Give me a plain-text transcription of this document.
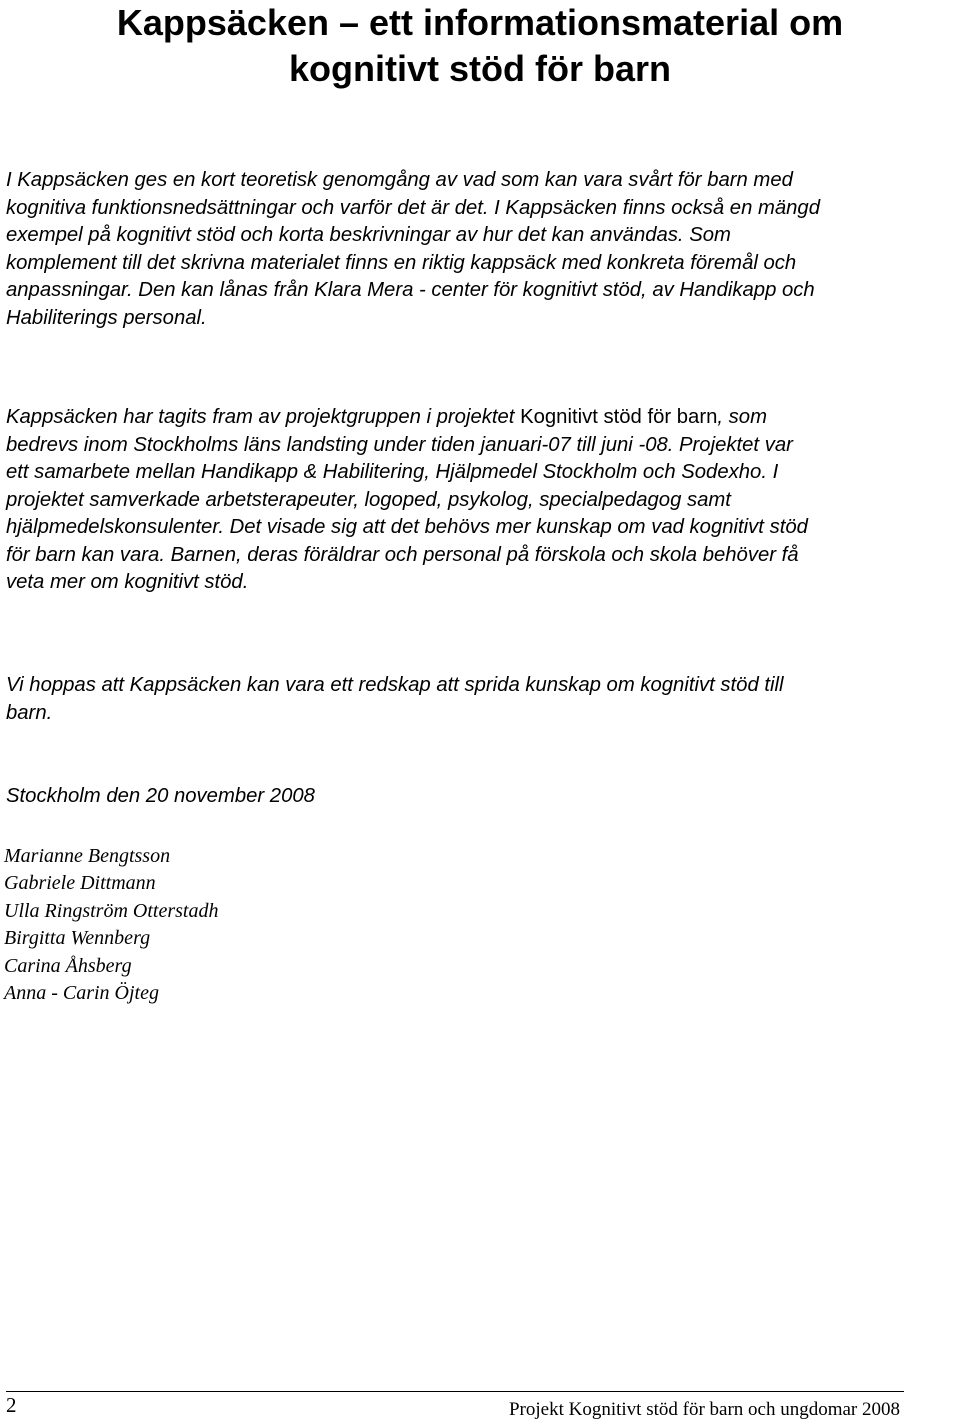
Kappsäcken – ett informationsmaterial om
kognitivt stöd för barn

I Kappsäcken ges en kort teoretisk genomgång av vad som kan vara svårt för barn med
kognitiva funktionsnedsättningar och varför det är det. I Kappsäcken finns också en mängd
exempel på kognitivt stöd och korta beskrivningar av hur det kan användas. Som
komplement till det skrivna materialet finns en riktig kappsäck med konkreta föremål och
anpassningar. Den kan lånas från Klara Mera - center för kognitivt stöd, av Handikapp och
Habiliterings personal.

Kappsäcken har tagits fram av projektgruppen i projektet Kognitivt stöd för barn, som
bedrevs inom Stockholms läns landsting under tiden januari-07 till juni -08. Projektet var
ett samarbete mellan Handikapp & Habilitering, Hjälpmedel Stockholm och Sodexho. I
projektet samverkade arbetsterapeuter, logoped, psykolog, specialpedagog samt
hjälpmedelskonsulenter. Det visade sig att det behövs mer kunskap om vad kognitivt stöd
för barn kan vara. Barnen, deras föräldrar och personal på förskola och skola behöver få
veta mer om kognitivt stöd.

Vi hoppas att Kappsäcken kan vara ett redskap att sprida kunskap om kognitivt stöd till
barn.

Stockholm den 20 november 2008

Marianne Bengtsson
Gabriele Dittmann
Ulla Ringström Otterstadh
Birgitta Wennberg
Carina Åhsberg
Anna - Carin Öjteg

2	Projekt Kognitivt stöd för barn och ungdomar 2008
